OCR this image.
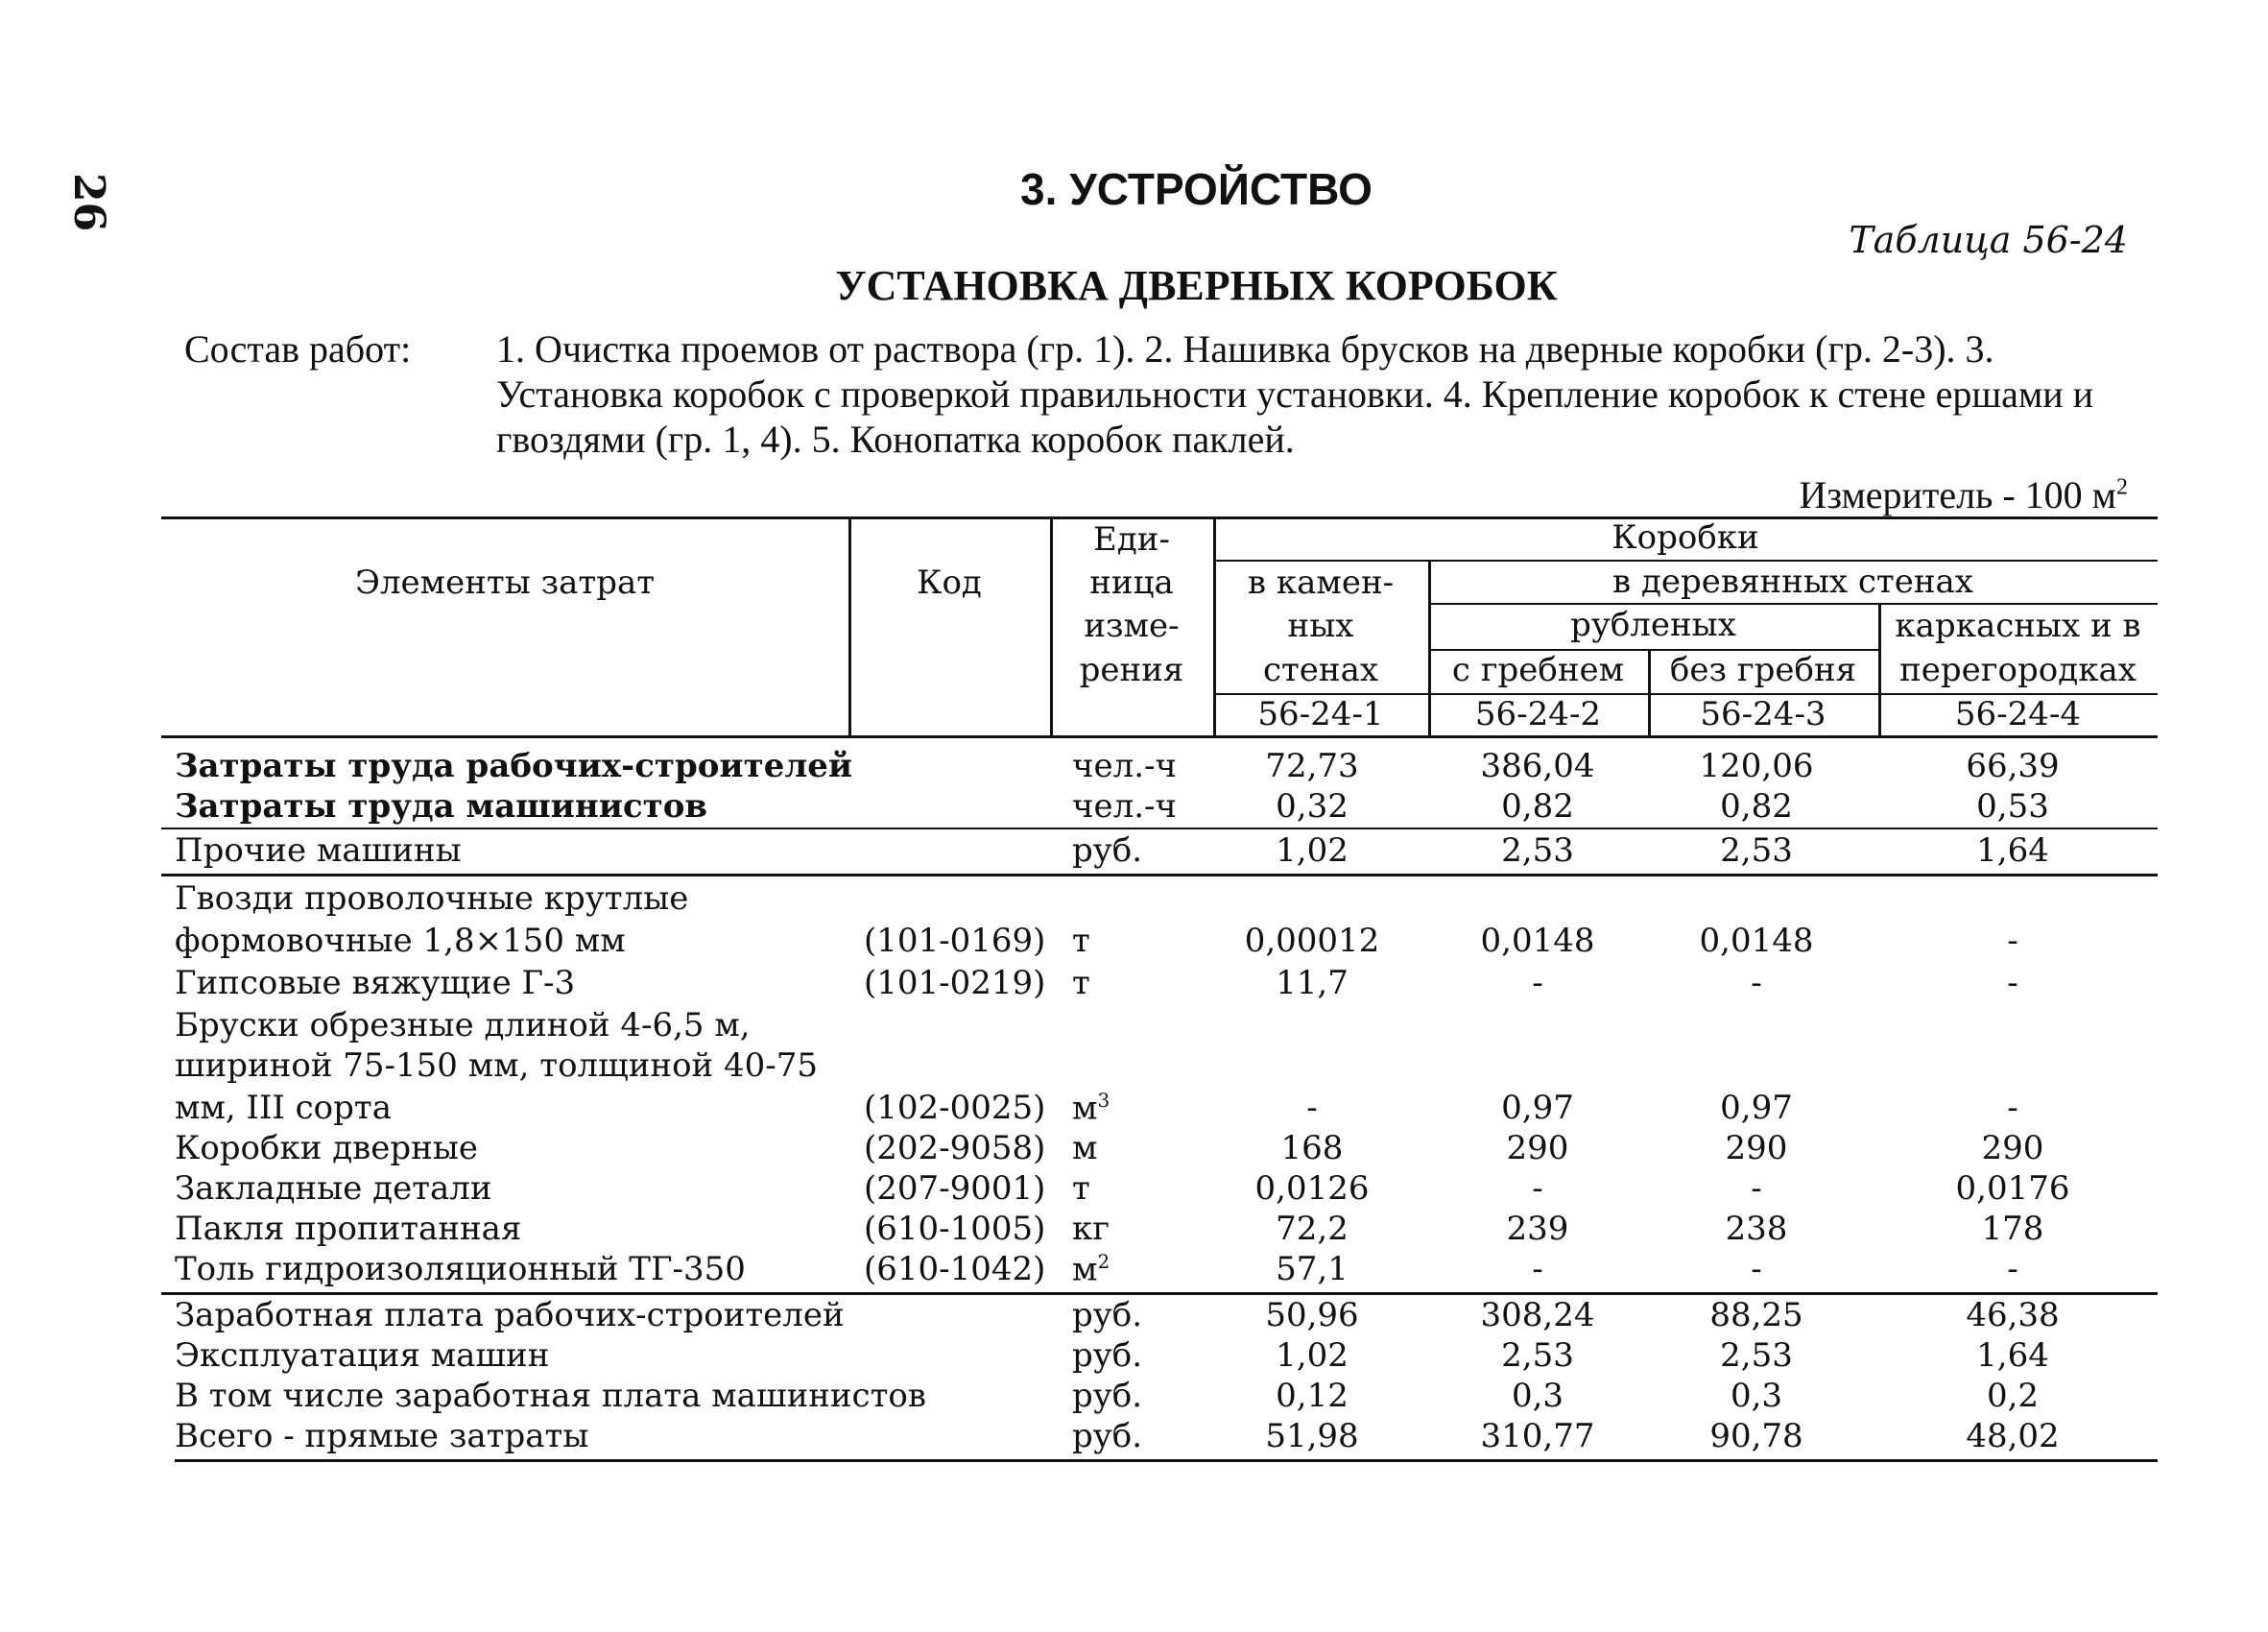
26	3. УСТРОЙСТВО
Таблица 56-24
УСТАНОВКА ДВЕРНЫХ КОРОБОК
Состав работ: 1. Очистка проемов от раствора (гр. 1). 2. Нашивка брусков на дверные коробки (гр. 2-3). 3. Установка коробок с проверкой правильности установки. 4. Крепление коробок к стене ершами и гвоздями (гр. 1, 4). 5. Конопатка коробок паклей.
Измеритель - 100 $м^2$
Элементы затрат	Код
Еди-
ница
изме-
рения
Коробки
в камен-
ных
стенах
в деревянных стенах
рубленых
с гребнем	без гребня
каркасных и в
перегородках
56-24-1	56-24-2	56-24-3	56-24-4
Затраты труда рабочих-строителей	чел.-ч	72,73	386,04	120,06	66,39
Затраты труда машинистов	чел.-ч	0,32	0,82	0,82	0,53
Прочие машины	руб.	1,02	2,53	2,53	1,64
Гвозди проволочные крутлые
формовочные 1,8×150 мм	(101-0169) т	0,00012	0,0148	0,0148	-
Гипсовые вяжущие Г-3	(101-0219) т	11,7	-	-	-
Бруски обрезные длиной 4-6,5 м,
шириной 75-150 мм, толщиной 40-75
мм, III сорта	(102-0025) $м^3$	-	0,97	0,97	-
Коробки дверные	(202-9058) м	168	290	290	290
Закладные детали	(207-9001) т	0,0126	-	-	0,0176
Пакля пропитанная	(610-1005) кг	72,2	239	238	178
Толь гидроизоляционный ТГ-350	(610-1042) $м^2$	57,1	-	-	-
Заработная плата рабочих-строителей	руб.	50,96	308,24	88,25	46,38
Эксплуатация машин	руб.	1,02	2,53	2,53	1,64
В том числе заработная плата машинистов	руб.	0,12	0,3	0,3	0,2
Всего - прямые затраты	руб.	51,98	310,77	90,78	48,02
